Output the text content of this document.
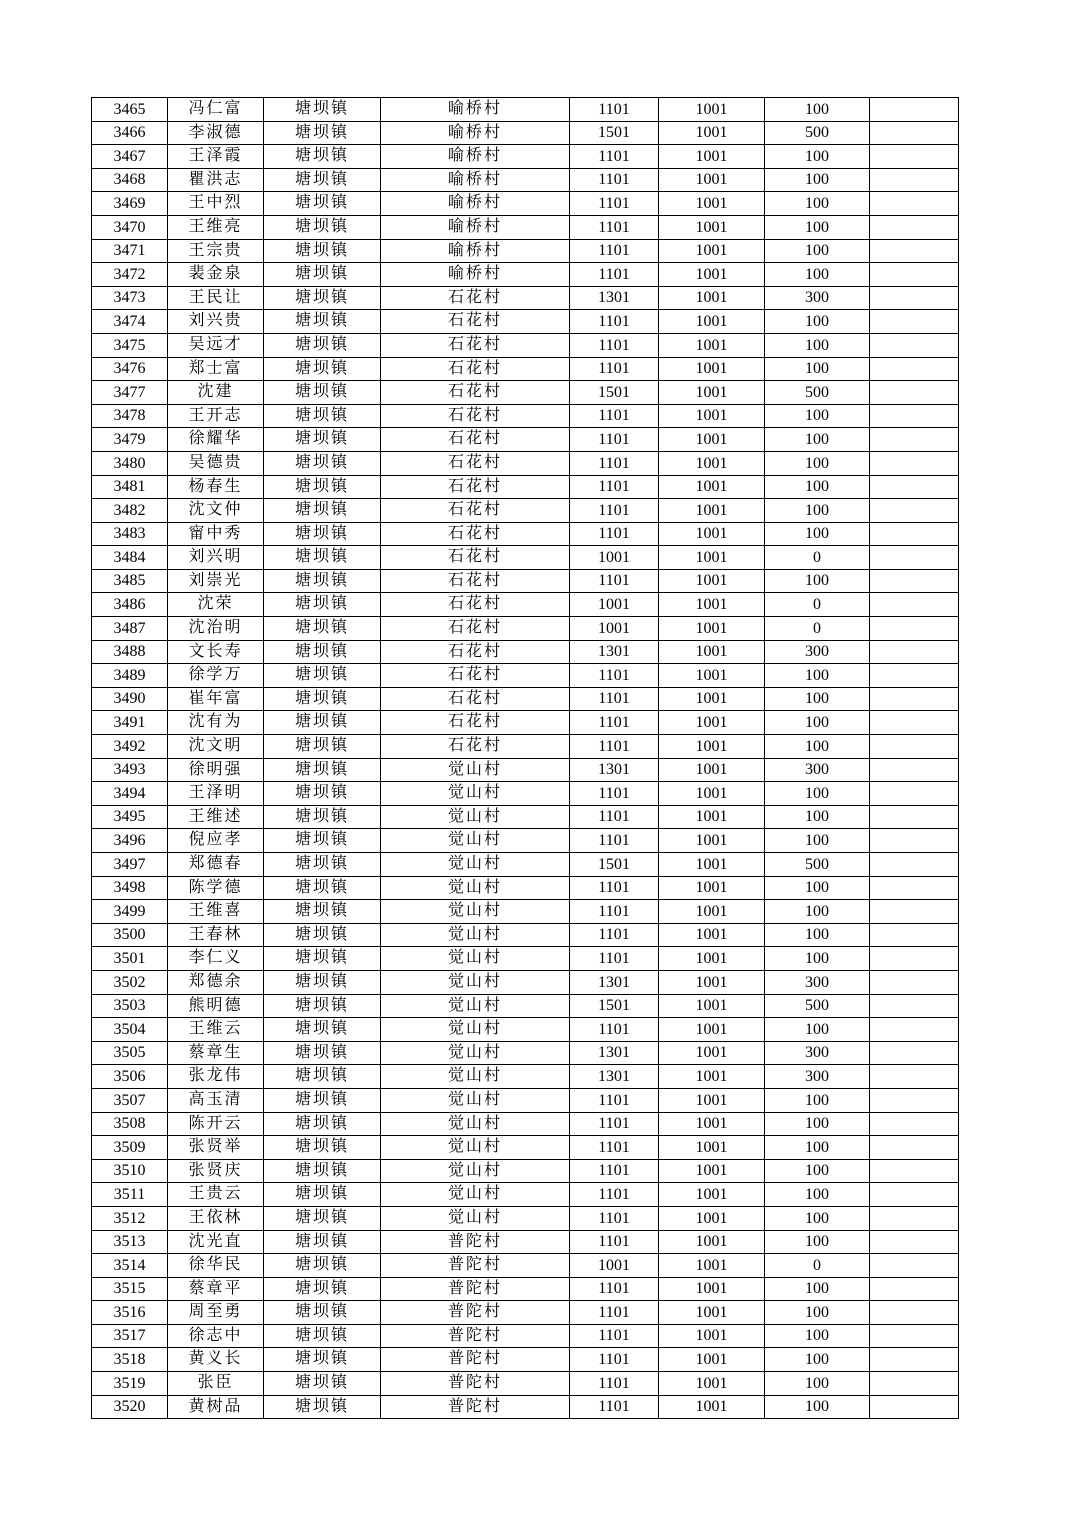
3465	冯仁富	塘坝镇	喻桥村	1101	1001	100	
3466	李淑德	塘坝镇	喻桥村	1501	1001	500	
3467	王泽霞	塘坝镇	喻桥村	1101	1001	100	
3468	瞿洪志	塘坝镇	喻桥村	1101	1001	100	
3469	王中烈	塘坝镇	喻桥村	1101	1001	100	
3470	王维亮	塘坝镇	喻桥村	1101	1001	100	
3471	王宗贵	塘坝镇	喻桥村	1101	1001	100	
3472	裴金泉	塘坝镇	喻桥村	1101	1001	100	
3473	王民让	塘坝镇	石花村	1301	1001	300	
3474	刘兴贵	塘坝镇	石花村	1101	1001	100	
3475	吴远才	塘坝镇	石花村	1101	1001	100	
3476	郑士富	塘坝镇	石花村	1101	1001	100	
3477	沈建	塘坝镇	石花村	1501	1001	500	
3478	王开志	塘坝镇	石花村	1101	1001	100	
3479	徐耀华	塘坝镇	石花村	1101	1001	100	
3480	吴德贵	塘坝镇	石花村	1101	1001	100	
3481	杨春生	塘坝镇	石花村	1101	1001	100	
3482	沈文仲	塘坝镇	石花村	1101	1001	100	
3483	甯中秀	塘坝镇	石花村	1101	1001	100	
3484	刘兴明	塘坝镇	石花村	1001	1001	0	
3485	刘崇光	塘坝镇	石花村	1101	1001	100	
3486	沈荣	塘坝镇	石花村	1001	1001	0	
3487	沈治明	塘坝镇	石花村	1001	1001	0	
3488	文长寿	塘坝镇	石花村	1301	1001	300	
3489	徐学万	塘坝镇	石花村	1101	1001	100	
3490	崔年富	塘坝镇	石花村	1101	1001	100	
3491	沈有为	塘坝镇	石花村	1101	1001	100	
3492	沈文明	塘坝镇	石花村	1101	1001	100	
3493	徐明强	塘坝镇	觉山村	1301	1001	300	
3494	王泽明	塘坝镇	觉山村	1101	1001	100	
3495	王维述	塘坝镇	觉山村	1101	1001	100	
3496	倪应孝	塘坝镇	觉山村	1101	1001	100	
3497	郑德春	塘坝镇	觉山村	1501	1001	500	
3498	陈学德	塘坝镇	觉山村	1101	1001	100	
3499	王维喜	塘坝镇	觉山村	1101	1001	100	
3500	王春林	塘坝镇	觉山村	1101	1001	100	
3501	李仁义	塘坝镇	觉山村	1101	1001	100	
3502	郑德余	塘坝镇	觉山村	1301	1001	300	
3503	熊明德	塘坝镇	觉山村	1501	1001	500	
3504	王维云	塘坝镇	觉山村	1101	1001	100	
3505	蔡章生	塘坝镇	觉山村	1301	1001	300	
3506	张龙伟	塘坝镇	觉山村	1301	1001	300	
3507	高玉清	塘坝镇	觉山村	1101	1001	100	
3508	陈开云	塘坝镇	觉山村	1101	1001	100	
3509	张贤举	塘坝镇	觉山村	1101	1001	100	
3510	张贤庆	塘坝镇	觉山村	1101	1001	100	
3511	王贵云	塘坝镇	觉山村	1101	1001	100	
3512	王依林	塘坝镇	觉山村	1101	1001	100	
3513	沈光直	塘坝镇	普陀村	1101	1001	100	
3514	徐华民	塘坝镇	普陀村	1001	1001	0	
3515	蔡章平	塘坝镇	普陀村	1101	1001	100	
3516	周至勇	塘坝镇	普陀村	1101	1001	100	
3517	徐志中	塘坝镇	普陀村	1101	1001	100	
3518	黄义长	塘坝镇	普陀村	1101	1001	100	
3519	张臣	塘坝镇	普陀村	1101	1001	100	
3520	黄树品	塘坝镇	普陀村	1101	1001	100	
